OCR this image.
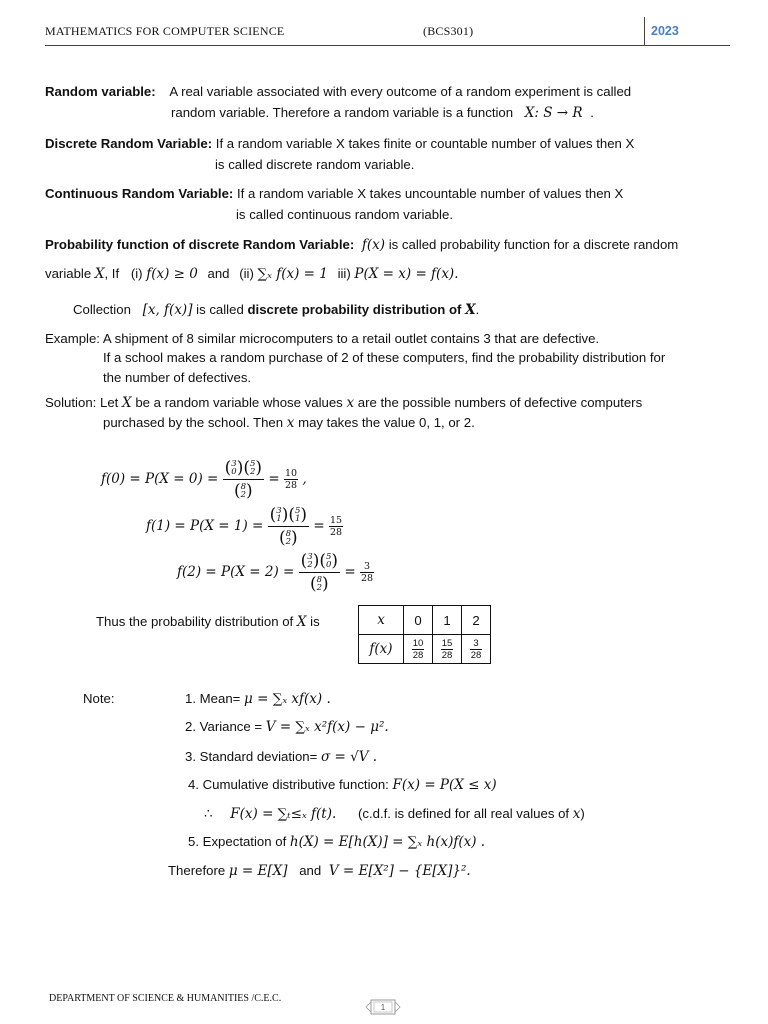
MATHEMATICS FOR COMPUTER SCIENCE	(BCS301)	2023
Random variable: A real variable associated with every outcome of a random experiment is called
random variable. Therefore a random variable is a function X: S → R .
Discrete Random Variable: If a random variable X takes finite or countable number of values then X
is called discrete random variable.
Continuous Random Variable: If a random variable X takes uncountable number of values then X
is called continuous random variable.
Probability function of discrete Random Variable: f(x) is called probability function for a discrete random
variable X, If (i) f(x) ≥ 0 and (ii) ∑ₓ f(x) = 1 iii) P(X = x) = f(x).
Collection [x, f(x)] is called discrete probability distribution of X.
Example: A shipment of 8 similar microcomputers to a retail outlet contains 3 that are defective.
If a school makes a random purchase of 2 of these computers, find the probability distribution for
the number of defectives.
Solution: Let X be a random variable whose values x are the possible numbers of defective computers
purchased by the school. Then x may takes the value 0, 1, or 2.
f(0) = P(X = 0) =
(3
0)(5
2)
(8
2)
= $\frac{10}{28}$ ,
f(1) = P(X = 1) =
(3
1)(5
1)
(8
2)
= $\frac{15}{28}$
f(2) = P(X = 2) =
(3
2)(5
0)
(8
2)
= $\frac{3}{28}$
Thus the probability distribution of X is	x	0	1	2
f(x)	$\frac{10}{28}$	$\frac{15}{28}$	$\frac{3}{28}$
Note:	1. Mean= μ = ∑ₓ xf(x) .
2. Variance = V = ∑ₓ x²f(x) − μ².
3. Standard deviation= σ = √V .
4. Cumulative distributive function: F(x) = P(X ≤ x)
∴ F(x) = ∑ₜ≤ₓ f(t). (c.d.f. is defined for all real values of x)
5. Expectation of h(X) = E[h(X)] = ∑ₓ h(x)f(x) .
Therefore μ = E[X] and V = E[X²] − {E[X]}².
DEPARTMENT OF SCIENCE & HUMANITIES /C.E.C.
1
